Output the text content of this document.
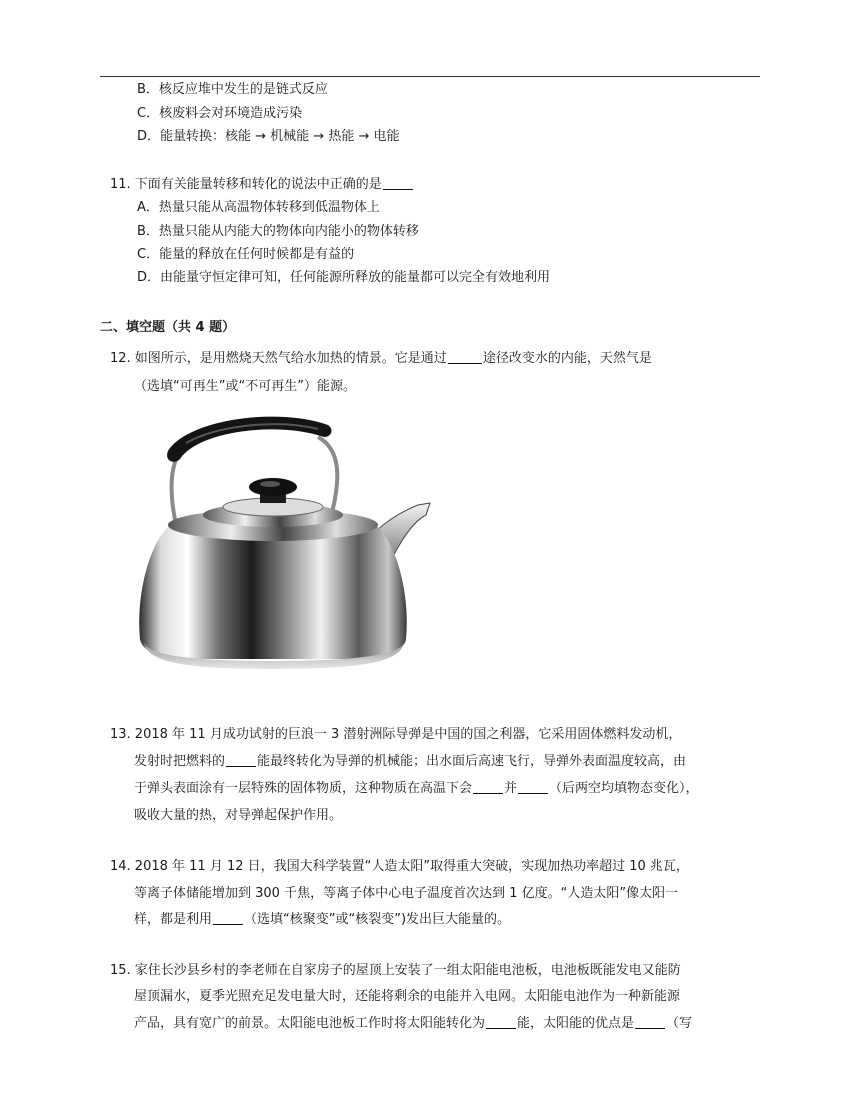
B．核反应堆中发生的是链式反应
C．核废料会对环境造成污染
D．能量转换：核能 → 机械能 → 热能 → 电能
11. 下面有关能量转移和转化的说法中正确的是
A．热量只能从高温物体转移到低温物体上
B．热量只能从内能大的物体向内能小的物体转移
C．能量的释放在任何时候都是有益的
D．由能量守恒定律可知，任何能源所释放的能量都可以完全有效地利用
二、填空题（共 4 题）
12. 如图所示，是用燃烧天然气给水加热的情景。它是通过	途径改变水的内能，天然气是
（选填“可再生”或“不可再生”）能源。
13. 2018 年 11 月成功试射的巨浪一 3 潜射洲际导弹是中国的国之利器，它采用固体燃料发动机，
发射时把燃料的 能最终转化为导弹的机械能；出水面后高速飞行，导弹外表面温度较高，由
于弹头表面涂有一层特殊的固体物质，这种物质在高温下会 并 （后两空均填物态变化），
吸收大量的热，对导弹起保护作用。
14. 2018 年 11 月 12 日，我国大科学装置“人造太阳”取得重大突破，实现加热功率超过 10 兆瓦，
等离子体储能增加到 300 千焦，等离子体中心电子温度首次达到 1 亿度。“人造太阳”像太阳一
样，都是利用 （选填“核聚变”或“核裂变”)发出巨大能量的。
15. 家住长沙县乡村的李老师在自家房子的屋顶上安装了一组太阳能电池板，电池板既能发电又能防
屋顶漏水，夏季光照充足发电量大时，还能将剩余的电能并入电网。太阳能电池作为一种新能源
产品，具有宽广的前景。太阳能电池板工作时将太阳能转化为 能，太阳能的优点是 （写
